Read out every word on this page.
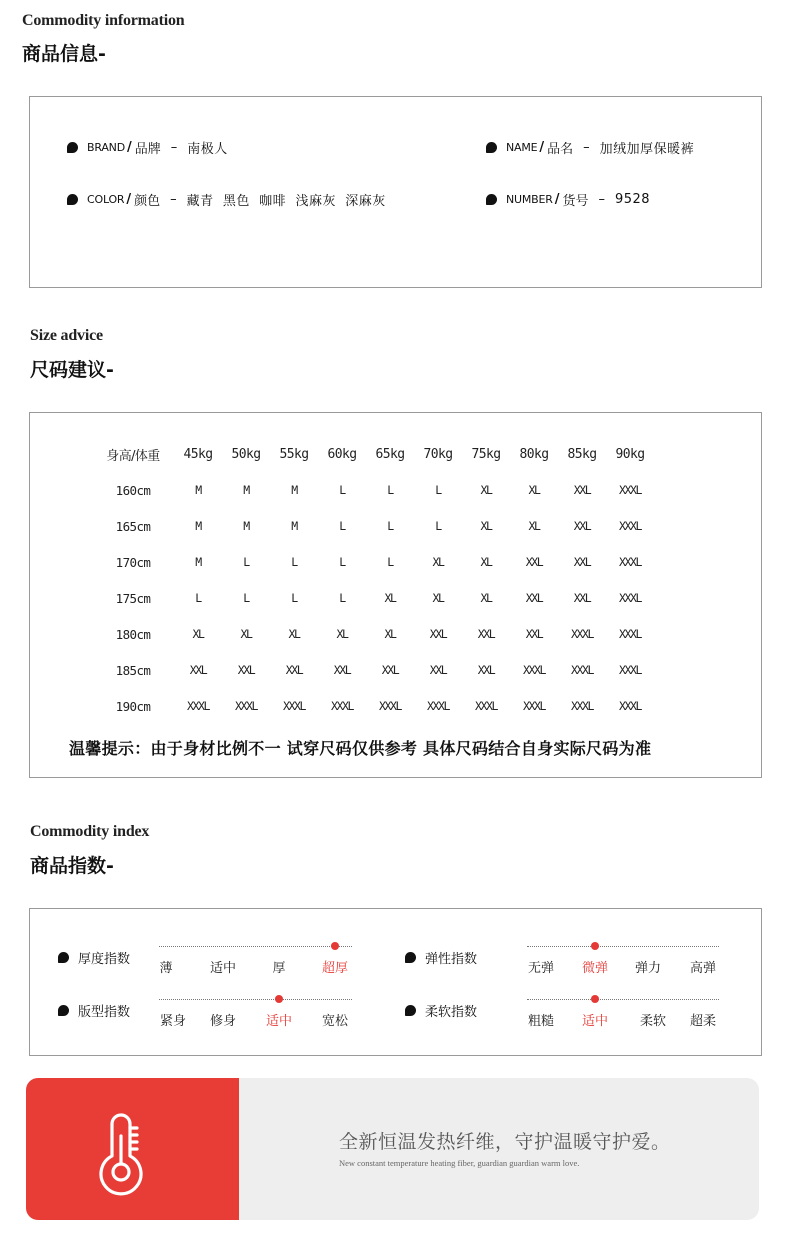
Commodity information
商品信息-
BRAND / 品牌 – 南极人	NAME / 品名 – 加绒加厚保暖裤
COLOR / 颜色 – 藏青  黑色  咖啡  浅麻灰  深麻灰	NUMBER / 货号 – 9528
Size advice
尺码建议-
身高/体重	45kg	50kg	55kg	60kg	65kg	70kg	75kg	80kg	85kg	90kg
160cm	M	M	M	L	L	L	XL	XL	XXL	XXXL
165cm	M	M	M	L	L	L	XL	XL	XXL	XXXL
170cm	M	L	L	L	L	XL	XL	XXL	XXL	XXXL
175cm	L	L	L	L	XL	XL	XL	XXL	XXL	XXXL
180cm	XL	XL	XL	XL	XL	XXL	XXL	XXL	XXXL	XXXL
185cm	XXL	XXL	XXL	XXL	XXL	XXL	XXL	XXXL	XXXL	XXXL
190cm	XXXL	XXXL	XXXL	XXXL	XXXL	XXXL	XXXL	XXXL	XXXL	XXXL
温馨提示：由于身材比例不一 试穿尺码仅供参考 具体尺码结合自身实际尺码为准
Commodity index
商品指数-
厚度指数
薄	适中	厚	超厚
弹性指数
无弹 微弹 弹力 高弹
版型指数
紧身 修身 适中 宽松
柔软指数
粗糙 适中 柔软 超柔
全新恒温发热纤维，守护温暖守护爱。
New constant temperature heating fiber, guardian guardian warm love.
